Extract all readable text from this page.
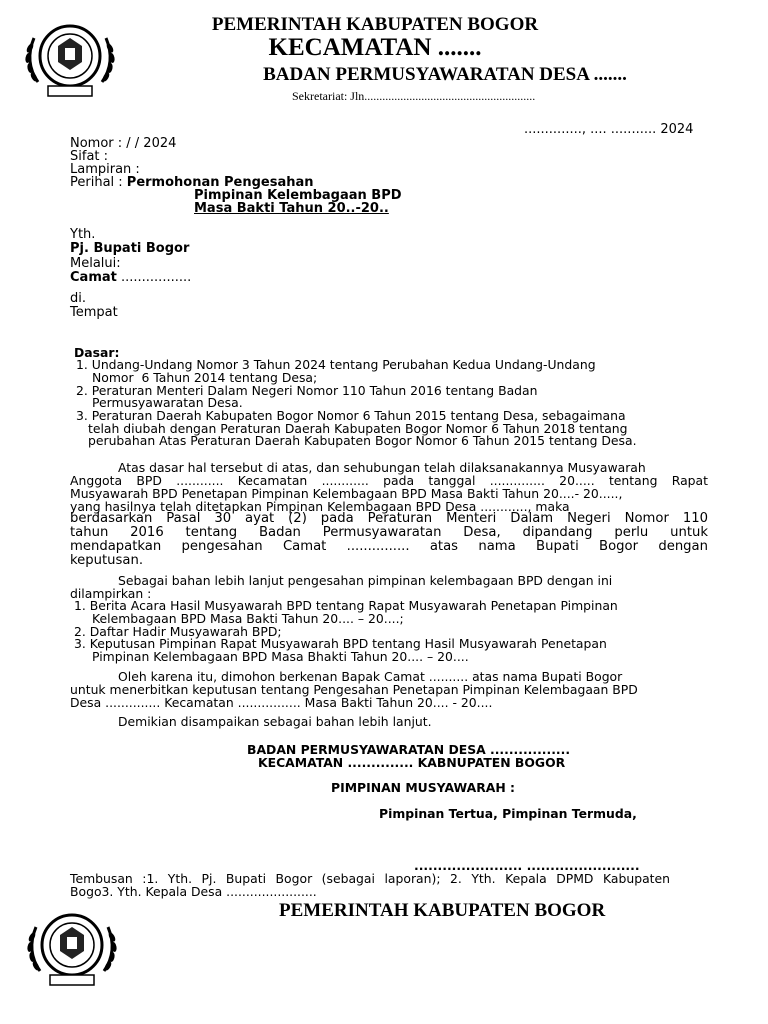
PEMERINTAH KABUPATEN BOGOR
KECAMATAN .......
BADAN PERMUSYAWARATAN DESA .......
Sekretariat: Jln.........................................................
.............., .... ........... 2024
Nomor : / / 2024
Sifat :
Lampiran :
Perihal : Permohonan Pengesahan
Pimpinan Kelembagaan BPD
Masa Bakti Tahun 20..-20..
Yth.
Pj. Bupati Bogor
Melalui:
Camat .................
di.
Tempat
Dasar:
1. Undang-Undang Nomor 3 Tahun 2024 tentang Perubahan Kedua Undang-Undang
Nomor  6 Tahun 2014 tentang Desa;
2. Peraturan Menteri Dalam Negeri Nomor 110 Tahun 2016 tentang Badan
Permusyawaratan Desa.
3. Peraturan Daerah Kabupaten Bogor Nomor 6 Tahun 2015 tentang Desa, sebagaimana
telah diubah dengan Peraturan Daerah Kabupaten Bogor Nomor 6 Tahun 2018 tentang
perubahan Atas Peraturan Daerah Kabupaten Bogor Nomor 6 Tahun 2015 tentang Desa.
Atas dasar hal tersebut di atas, dan sehubungan telah dilaksanakannya Musyawarah
Anggota BPD ............ Kecamatan ............ pada tanggal .............. 20..... tentang Rapat
Musyawarah BPD Penetapan Pimpinan Kelembagaan BPD Masa Bakti Tahun 20....- 20.....,
yang hasilnya telah ditetapkan Pimpinan Kelembagaan BPD Desa ............, maka
berdasarkan Pasal 30 ayat (2) pada Peraturan Menteri Dalam Negeri Nomor 110
tahun 2016 tentang Badan Permusyawaratan Desa, dipandang perlu untuk
mendapatkan pengesahan Camat ............... atas nama Bupati Bogor dengan
keputusan.
Sebagai bahan lebih lanjut pengesahan pimpinan kelembagaan BPD dengan ini
dilampirkan :
1. Berita Acara Hasil Musyawarah BPD tentang Rapat Musyawarah Penetapan Pimpinan
Kelembagaan BPD Masa Bakti Tahun 20.... – 20....;
2. Daftar Hadir Musyawarah BPD;
3. Keputusan Pimpinan Rapat Musyawarah BPD tentang Hasil Musyawarah Penetapan
Pimpinan Kelembagaan BPD Masa Bhakti Tahun 20.... – 20....
Oleh karena itu, dimohon berkenan Bapak Camat .......... atas nama Bupati Bogor
untuk menerbitkan keputusan tentang Pengesahan Penetapan Pimpinan Kelembagaan BPD
Desa .............. Kecamatan ................ Masa Bakti Tahun 20.... - 20....
Demikian disampaikan sebagai bahan lebih lanjut.
BADAN PERMUSYAWARATAN DESA .................
KECAMATAN .............. KABNUPATEN BOGOR
PIMPINAN MUSYAWARAH :
Pimpinan Tertua, Pimpinan Termuda,
....................... ........................
Tembusan :1. Yth. Pj. Bupati Bogor (sebagai laporan); 2. Yth. Kepala DPMD Kabupaten
Bogo3. Yth. Kepala Desa .......................
PEMERINTAH KABUPATEN BOGOR
